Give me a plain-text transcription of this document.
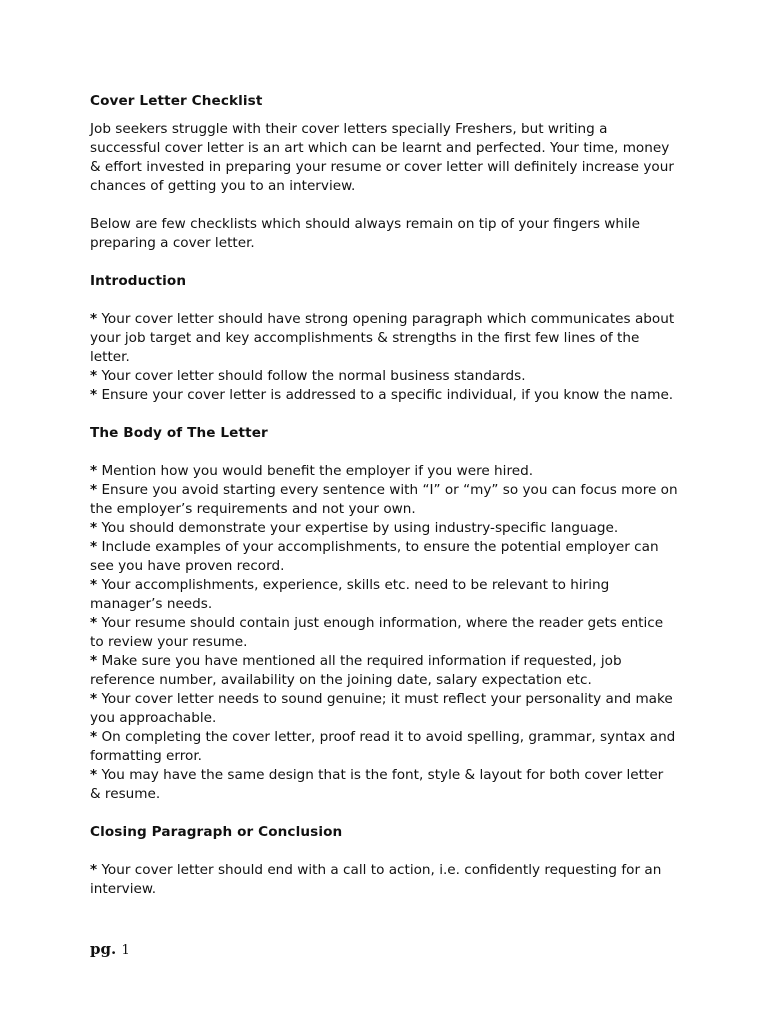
Cover Letter Checklist

Job seekers struggle with their cover letters specially Freshers, but writing a successful cover letter is an art which can be learnt and perfected. Your time, money & effort invested in preparing your resume or cover letter will definitely increase your chances of getting you to an interview.

Below are few checklists which should always remain on tip of your fingers while preparing a cover letter.

Introduction

* Your cover letter should have strong opening paragraph which communicates about your job target and key accomplishments & strengths in the first few lines of the letter.
* Your cover letter should follow the normal business standards.
* Ensure your cover letter is addressed to a specific individual, if you know the name.

The Body of The Letter

* Mention how you would benefit the employer if you were hired.
* Ensure you avoid starting every sentence with “I” or “my” so you can focus more on the employer’s requirements and not your own.
* You should demonstrate your expertise by using industry-specific language.
* Include examples of your accomplishments, to ensure the potential employer can see you have proven record.
* Your accomplishments, experience, skills etc. need to be relevant to hiring manager’s needs.
* Your resume should contain just enough information, where the reader gets entice to review your resume.
* Make sure you have mentioned all the required information if requested, job reference number, availability on the joining date, salary expectation etc.
* Your cover letter needs to sound genuine; it must reflect your personality and make you approachable.
* On completing the cover letter, proof read it to avoid spelling, grammar, syntax and formatting error.
* You may have the same design that is the font, style & layout for both cover letter & resume.

Closing Paragraph or Conclusion

* Your cover letter should end with a call to action, i.e. confidently requesting for an interview.
pg. 1
